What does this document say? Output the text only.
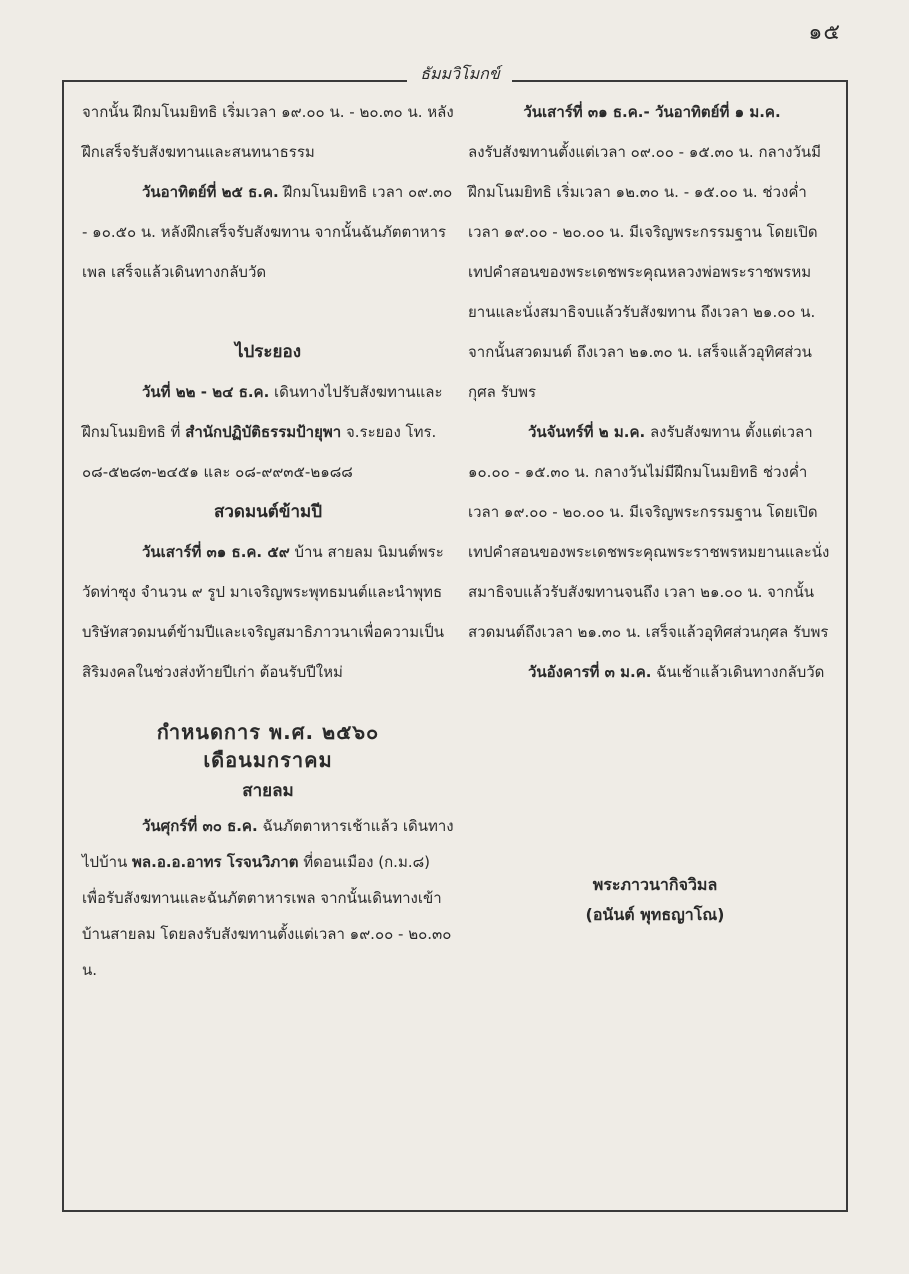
๑๕
ธัมมวิโมกข์

จากนั้น ฝึกมโนมยิทธิ เริ่มเวลา ๑๙.๐๐ น. - ๒๐.๓๐ น. หลังฝึกเสร็จรับสังฆทานและสนทนาธรรม

วันอาทิตย์ที่ ๒๕ ธ.ค. ฝึกมโนมยิทธิ เวลา ๐๙.๓๐ - ๑๐.๕๐ น. หลังฝึกเสร็จรับสังฆทาน จากนั้นฉันภัตตาหารเพล เสร็จแล้วเดินทางกลับวัด

ไประยอง

วันที่ ๒๒ - ๒๔ ธ.ค. เดินทางไปรับสังฆทานและฝึกมโนมยิทธิ ที่ สำนักปฏิบัติธรรมป้ายุพา จ.ระยอง โทร. ๐๘-๕๒๘๓-๒๔๕๑ และ ๐๘-๙๙๓๕-๒๑๘๘

สวดมนต์ข้ามปี

วันเสาร์ที่ ๓๑ ธ.ค. ๕๙ บ้าน สายลม นิมนต์พระวัดท่าซุง จำนวน ๙ รูป มาเจริญพระพุทธมนต์และนำพุทธบริษัทสวดมนต์ข้ามปีและเจริญสมาธิภาวนาเพื่อความเป็นสิริมงคลในช่วงส่งท้ายปีเก่า ต้อนรับปีใหม่

กำหนดการ พ.ศ. ๒๕๖๐

เดือนมกราคม

สายลม

วันศุกร์ที่ ๓๐ ธ.ค. ฉันภัตตาหารเช้าแล้ว เดินทางไปบ้าน พล.อ.อ.อาทร โรจนวิภาต ที่ดอนเมือง (ก.ม.๘) เพื่อรับสังฆทานและฉันภัตตาหารเพล จากนั้นเดินทางเข้าบ้านสายลม โดยลงรับสังฆทานตั้งแต่เวลา ๑๙.๐๐ - ๒๐.๓๐ น.

วันเสาร์ที่ ๓๑ ธ.ค.- วันอาทิตย์ที่ ๑ ม.ค.

ลงรับสังฆทานตั้งแต่เวลา ๐๙.๐๐ - ๑๕.๓๐ น. กลางวันมีฝึกมโนมยิทธิ เริ่มเวลา ๑๒.๓๐ น. - ๑๕.๐๐ น. ช่วงค่ำ เวลา ๑๙.๐๐ - ๒๐.๐๐ น. มีเจริญพระกรรมฐาน โดยเปิดเทปคำสอนของพระเดชพระคุณหลวงพ่อพระราชพรหมยานและนั่งสมาธิจบแล้วรับสังฆทาน ถึงเวลา ๒๑.๐๐ น. จากนั้นสวดมนต์ ถึงเวลา ๒๑.๓๐ น. เสร็จแล้วอุทิศส่วนกุศล รับพร

วันจันทร์ที่ ๒ ม.ค. ลงรับสังฆทาน ตั้งแต่เวลา ๑๐.๐๐ - ๑๕.๓๐ น. กลางวันไม่มีฝึกมโนมยิทธิ ช่วงค่ำเวลา ๑๙.๐๐ - ๒๐.๐๐ น. มีเจริญพระกรรมฐาน โดยเปิดเทปคำสอนของพระเดชพระคุณพระราชพรหมยานและนั่งสมาธิจบแล้วรับสังฆทานจนถึง เวลา ๒๑.๐๐ น. จากนั้นสวดมนต์ถึงเวลา ๒๑.๓๐ น. เสร็จแล้วอุทิศส่วนกุศล รับพร

วันอังคารที่ ๓ ม.ค. ฉันเช้าแล้วเดินทางกลับวัด

พระภาวนากิจวิมล
(อนันต์ พุทธญาโณ)
